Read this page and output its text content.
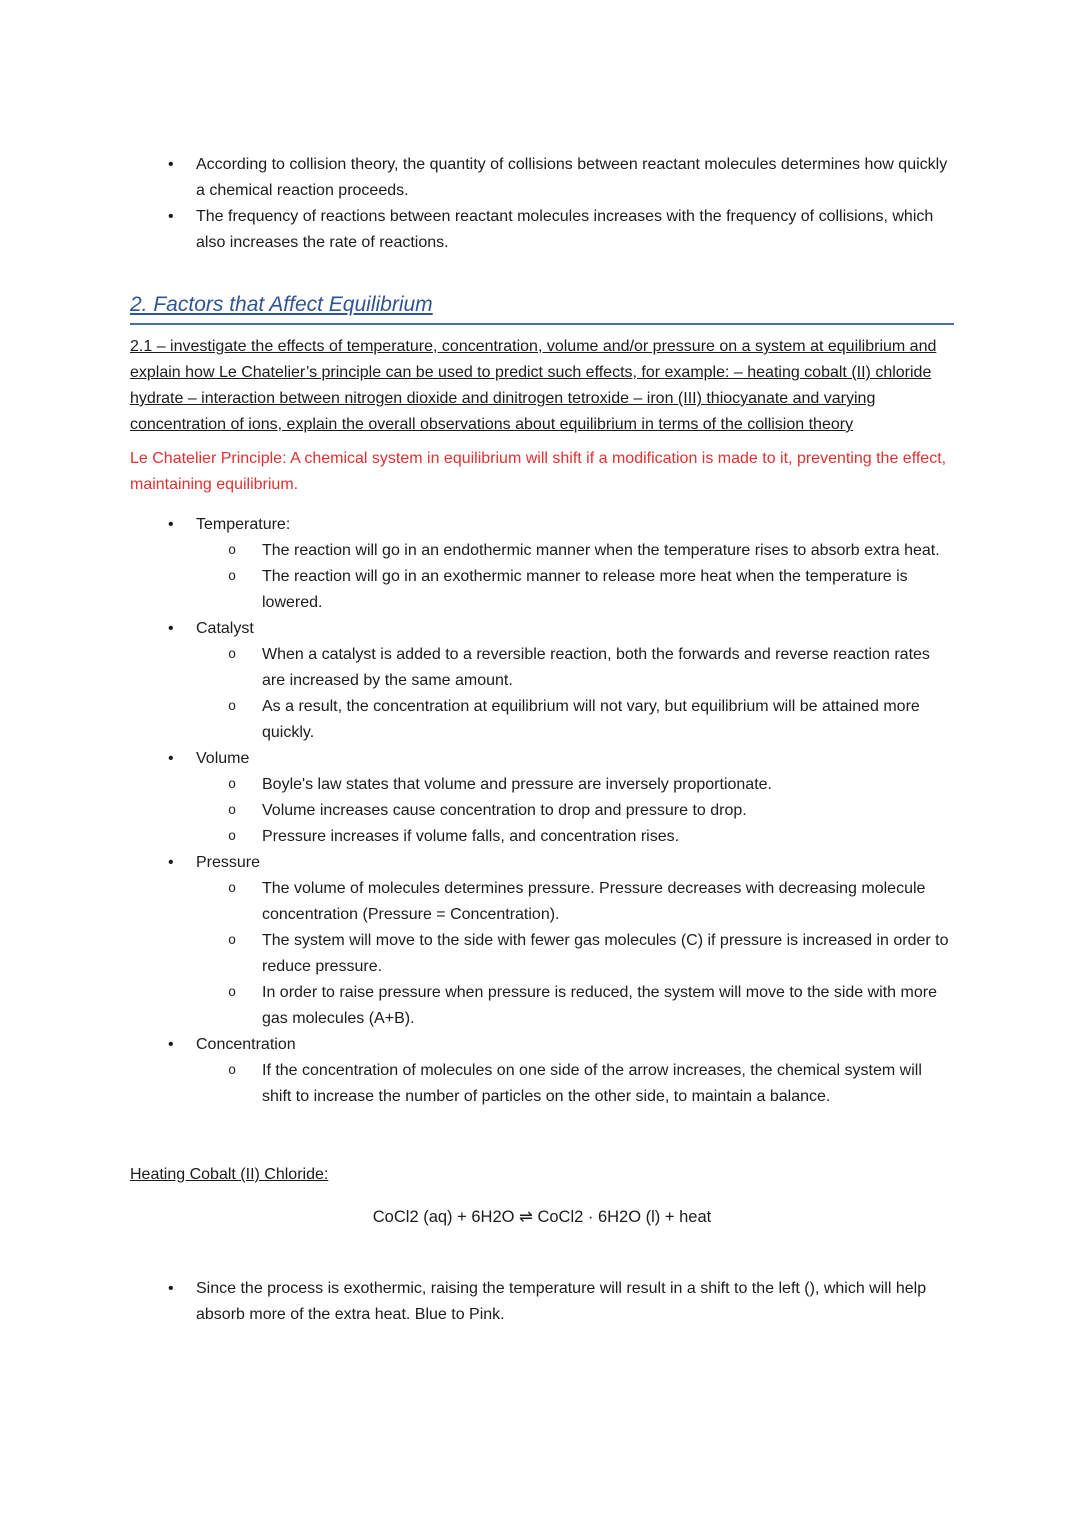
• According to collision theory, the quantity of collisions between reactant molecules determines how quickly a chemical reaction proceeds.
• The frequency of reactions between reactant molecules increases with the frequency of collisions, which also increases the rate of reactions.
2. Factors that Affect Equilibrium

2.1 – investigate the effects of temperature, concentration, volume and/or pressure on a system at equilibrium and explain how Le Chatelier’s principle can be used to predict such effects, for example: – heating cobalt (II) chloride hydrate – interaction between nitrogen dioxide and dinitrogen tetroxide – iron (III) thiocyanate and varying concentration of ions, explain the overall observations about equilibrium in terms of the collision theory

Le Chatelier Principle: A chemical system in equilibrium will shift if a modification is made to it, preventing the effect, maintaining equilibrium.

• Temperature:
o The reaction will go in an endothermic manner when the temperature rises to absorb extra heat.
o The reaction will go in an exothermic manner to release more heat when the temperature is lowered.
• Catalyst
o When a catalyst is added to a reversible reaction, both the forwards and reverse reaction rates are increased by the same amount.
o As a result, the concentration at equilibrium will not vary, but equilibrium will be attained more quickly.
• Volume
o Boyle's law states that volume and pressure are inversely proportionate.
o Volume increases cause concentration to drop and pressure to drop.
o Pressure increases if volume falls, and concentration rises.
• Pressure
o The volume of molecules determines pressure. Pressure decreases with decreasing molecule concentration (Pressure = Concentration).
o The system will move to the side with fewer gas molecules (C) if pressure is increased in order to reduce pressure.
o In order to raise pressure when pressure is reduced, the system will move to the side with more gas molecules (A+B).
• Concentration
o If the concentration of molecules on one side of the arrow increases, the chemical system will shift to increase the number of particles on the other side, to maintain a balance.

Heating Cobalt (II) Chloride:

CoCl2 (aq) + 6H2O ⇌ CoCl2 · 6H2O (l) + heat

• Since the process is exothermic, raising the temperature will result in a shift to the left (), which will help absorb more of the extra heat. Blue to Pink.
